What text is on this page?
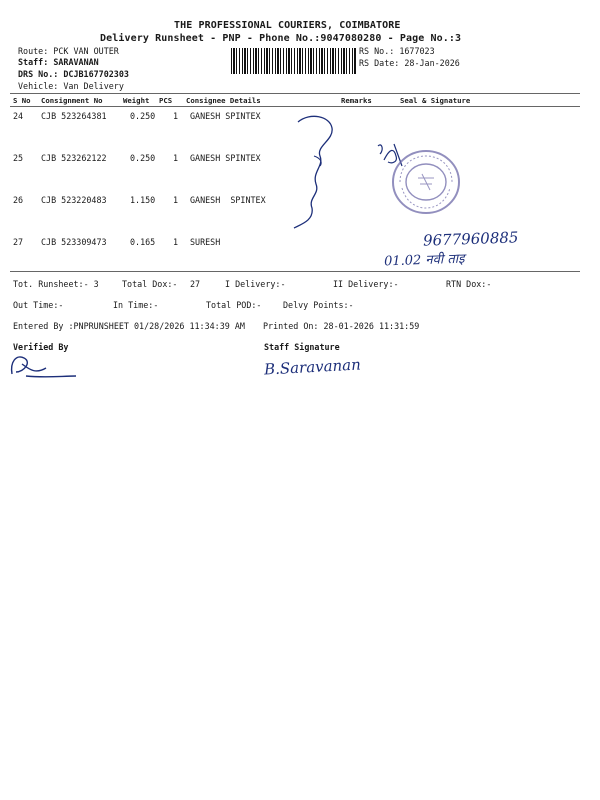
THE PROFESSIONAL COURIERS, COIMBATORE
Delivery Runsheet - PNP - Phone No.:9047080280 - Page No.:3
Route: PCK VAN OUTER
Staff: SARAVANAN
DRS No.: DCJB167702303
Vehicle: Van Delivery
RS No.: 1677023
RS Date: 28-Jan-2026
S No Consignment No	Weight PCS Consignee Details	Remarks	Seal & Signature
24 CJB 523264381	0.250 1 GANESH SPINTEX
25 CJB 523262122	0.250 1 GANESH SPINTEX
26 CJB 523220483	1.150 1 GANESH  SPINTEX
27 CJB 523309473	0.165 1 SURESH	9677960885
01.02 नवी ताइ
Tot. Runsheet:- 3	Total Dox:- 27	I Delivery:-	II Delivery:-	RTN Dox:-
Out Time:-	In Time:-	Total POD:-	Delvy Points:-
Entered By :PNPRUNSHEET 01/28/2026 11:34:39 AM Printed On: 28-01-2026 11:31:59
Verified By	Staff Signature
B.Saravanan
